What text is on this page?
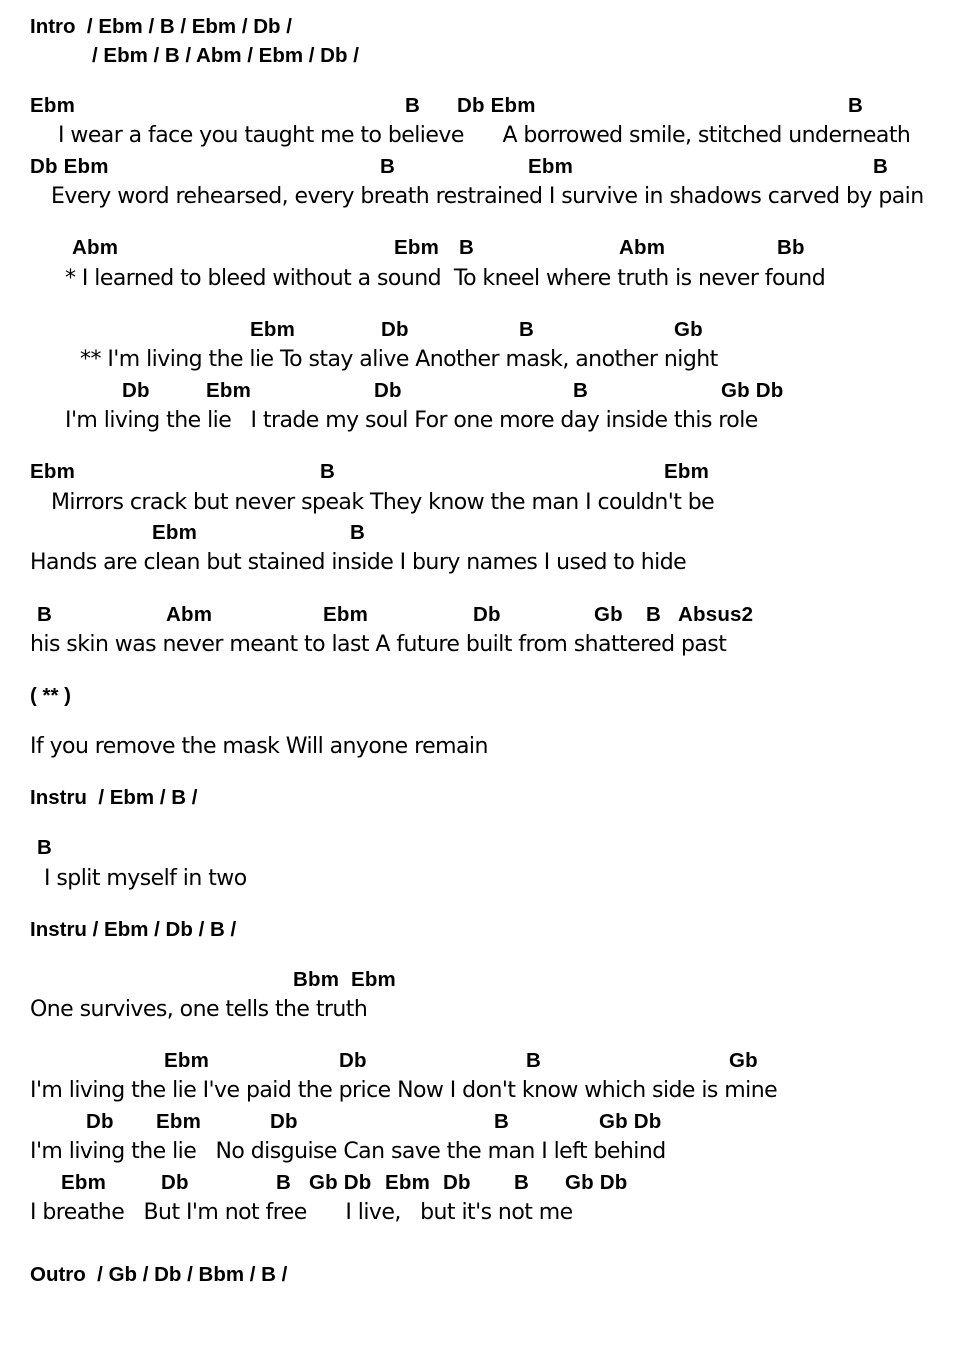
Intro  / Ebm / B / Ebm / Db /
/ Ebm / B / Abm / Ebm / Db /
Ebm	B Db Ebm	B
I wear a face you taught me to believe      A borrowed smile, stitched underneath
Db Ebm	B	Ebm	B
Every word rehearsed, every breath restrained I survive in shadows carved by pain
Abm	Ebm B	Abm	Bb
* I learned to bleed without a sound  To kneel where truth is never found
Ebm	Db	B	Gb
** I'm living the lie To stay alive Another mask, another night
Db	Ebm	Db	B	Gb Db
I'm living the lie   I trade my soul For one more day inside this role
Ebm	B	Ebm
Mirrors crack but never speak They know the man I couldn't be
Ebm	B
Hands are clean but stained inside I bury names I used to hide
B	Abm	Ebm	Db	Gb B Absus2
his skin was never meant to last A future built from shattered past
( ** )
If you remove the mask Will anyone remain
Instru  / Ebm / B /
B
I split myself in two
Instru / Ebm / Db / B /
Bbm  Ebm
One survives, one tells the truth
Ebm	Db	B	Gb
I'm living the lie I've paid the price Now I don't know which side is mine
Db Ebm	Db	B	Gb Db
I'm living the lie   No disguise Can save the man I left behind
Ebm	Db	B Gb Db Ebm Db B Gb Db
I breathe   But I'm not free      I live,   but it's not me
Outro  / Gb / Db / Bbm / B /
